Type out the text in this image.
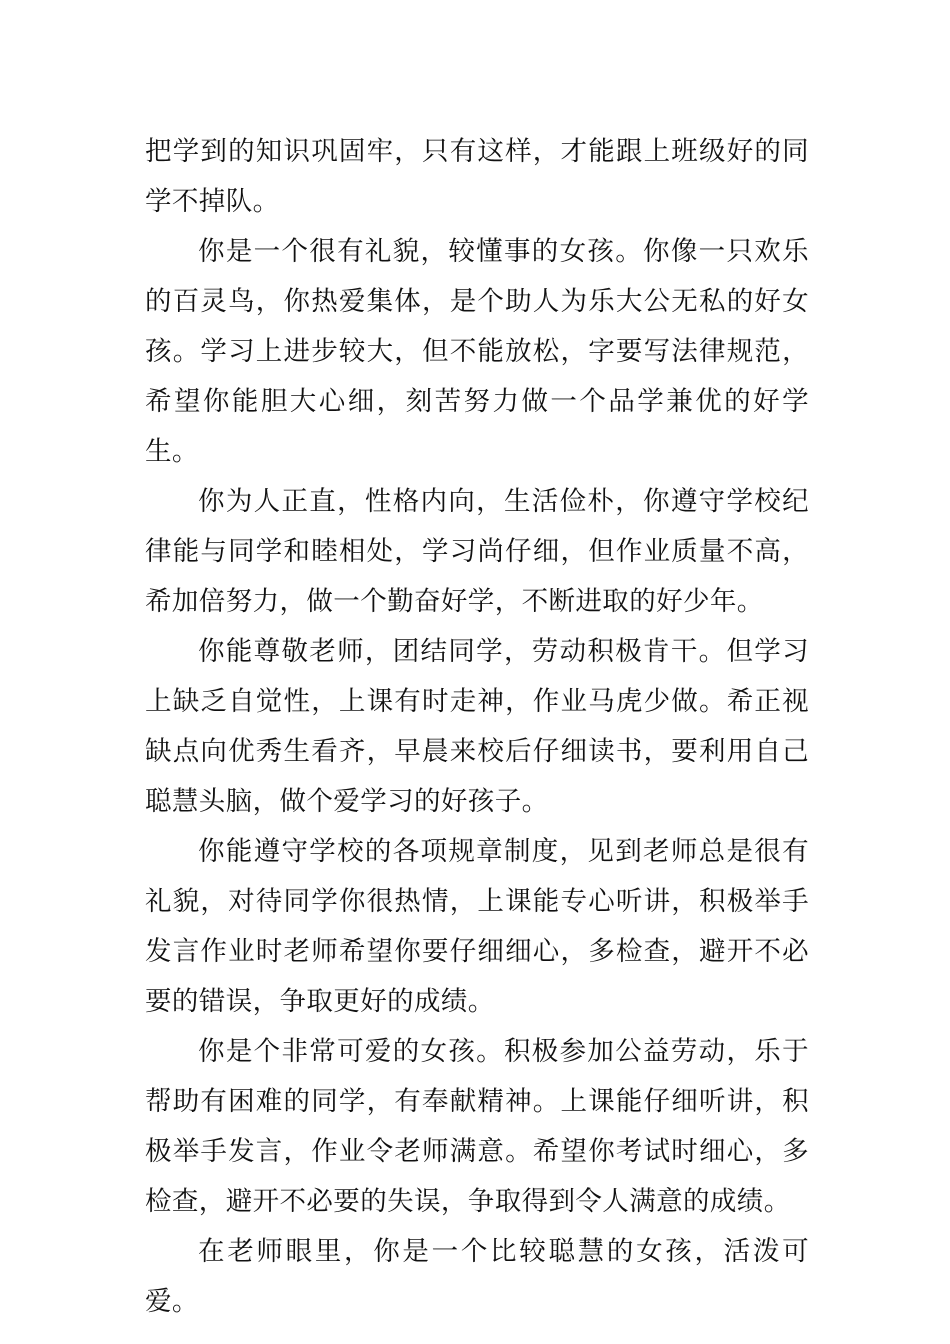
把学到的知识巩固牢，只有这样，才能跟上班级好的同学不掉队。

你是一个很有礼貌，较懂事的女孩。你像一只欢乐的百灵鸟，你热爱集体，是个助人为乐大公无私的好女孩。学习上进步较大，但不能放松，字要写法律规范，希望你能胆大心细，刻苦努力做一个品学兼优的好学生。

你为人正直，性格内向，生活俭朴，你遵守学校纪律能与同学和睦相处，学习尚仔细，但作业质量不高，希加倍努力，做一个勤奋好学，不断进取的好少年。

你能尊敬老师，团结同学，劳动积极肯干。但学习上缺乏自觉性，上课有时走神，作业马虎少做。希正视缺点向优秀生看齐，早晨来校后仔细读书，要利用自己聪慧头脑，做个爱学习的好孩子。

你能遵守学校的各项规章制度，见到老师总是很有礼貌，对待同学你很热情，上课能专心听讲，积极举手发言作业时老师希望你要仔细细心，多检查，避开不必要的错误，争取更好的成绩。

你是个非常可爱的女孩。积极参加公益劳动，乐于帮助有困难的同学，有奉献精神。上课能仔细听讲，积极举手发言，作业令老师满意。希望你考试时细心，多检查，避开不必要的失误，争取得到令人满意的成绩。

在老师眼里，你是一个比较聪慧的女孩，活泼可爱。
